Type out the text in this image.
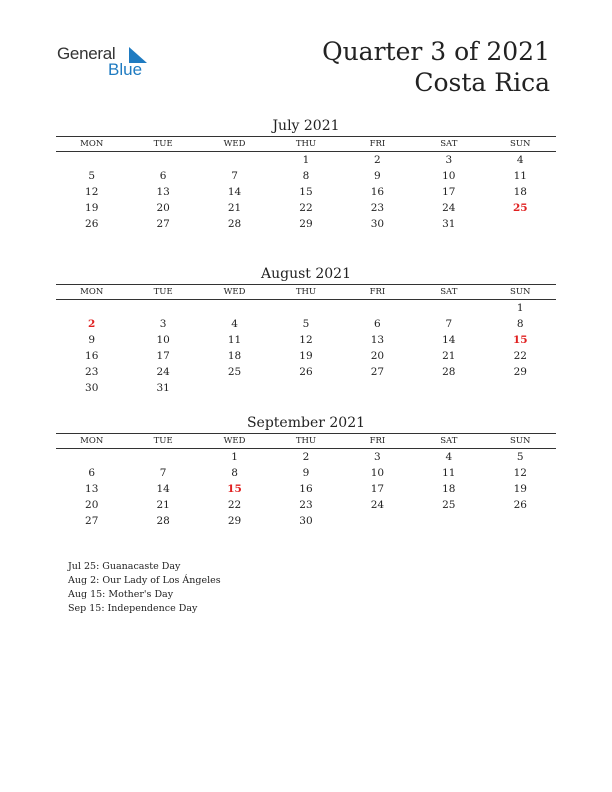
General
Blue
Quarter 3 of 2021
Costa Rica
July 2021
MON	TUE	WED	THU	FRI	SAT	SUN
			1	2	3	4
5	6	7	8	9	10	11
12	13	14	15	16	17	18
19	20	21	22	23	24	25
26	27	28	29	30	31	
August 2021
MON	TUE	WED	THU	FRI	SAT	SUN
						1
2	3	4	5	6	7	8
9	10	11	12	13	14	15
16	17	18	19	20	21	22
23	24	25	26	27	28	29
30	31					
September 2021
MON	TUE	WED	THU	FRI	SAT	SUN
		1	2	3	4	5
6	7	8	9	10	11	12
13	14	15	16	17	18	19
20	21	22	23	24	25	26
27	28	29	30			
Jul 25: Guanacaste Day
Aug 2: Our Lady of Los Ángeles
Aug 15: Mother's Day
Sep 15: Independence Day
